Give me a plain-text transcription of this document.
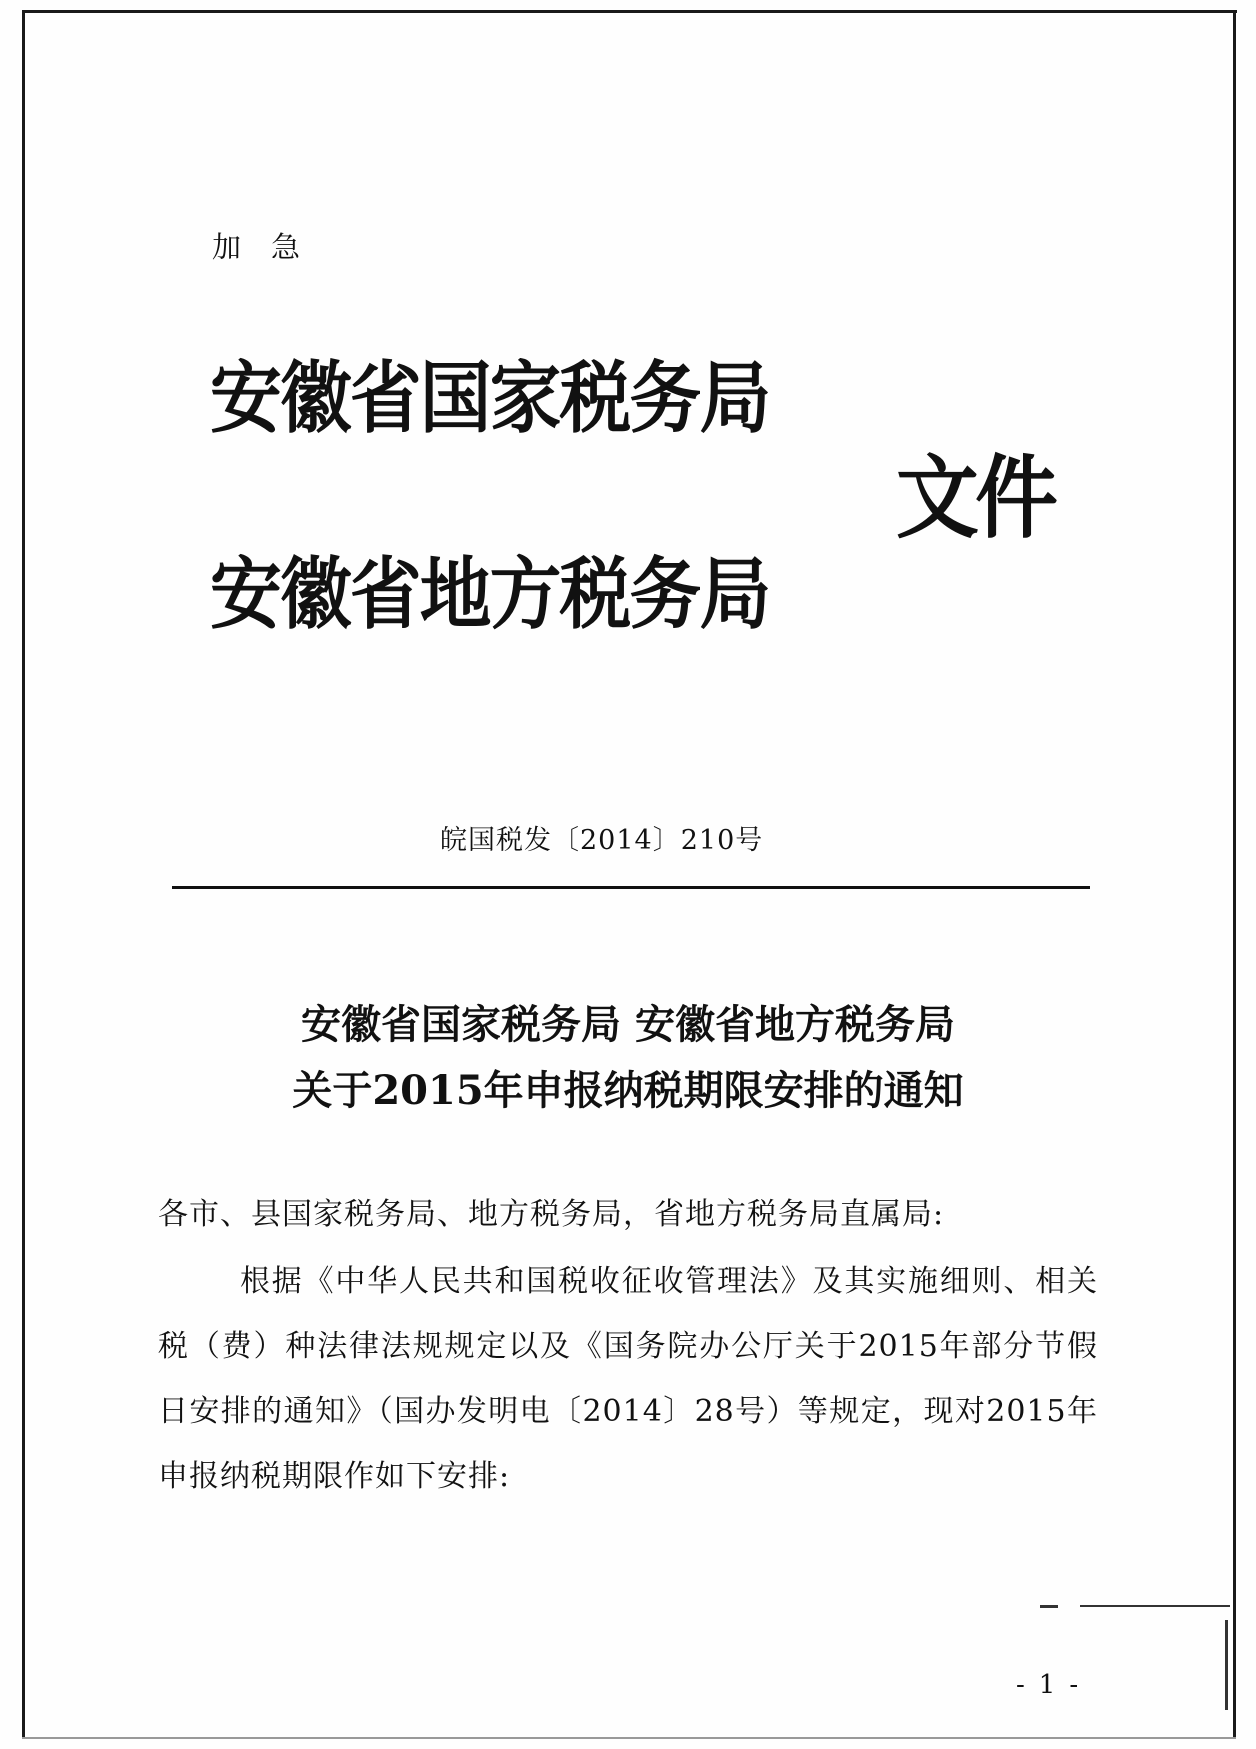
加急
安徽省国家税务局
安徽省地方税务局
文件
皖国税发〔2014〕210号
安徽省国家税务局 安徽省地方税务局
关于2015年申报纳税期限安排的通知
各市、县国家税务局、地方税务局，省地方税务局直属局:
根据《中华人民共和国税收征收管理法》及其实施细则、相关税（费）种法律法规规定以及《国务院办公厅关于2015年部分节假日安排的通知》（国办发明电〔2014〕28号）等规定，现对2015年申报纳税期限作如下安排:
-1-
